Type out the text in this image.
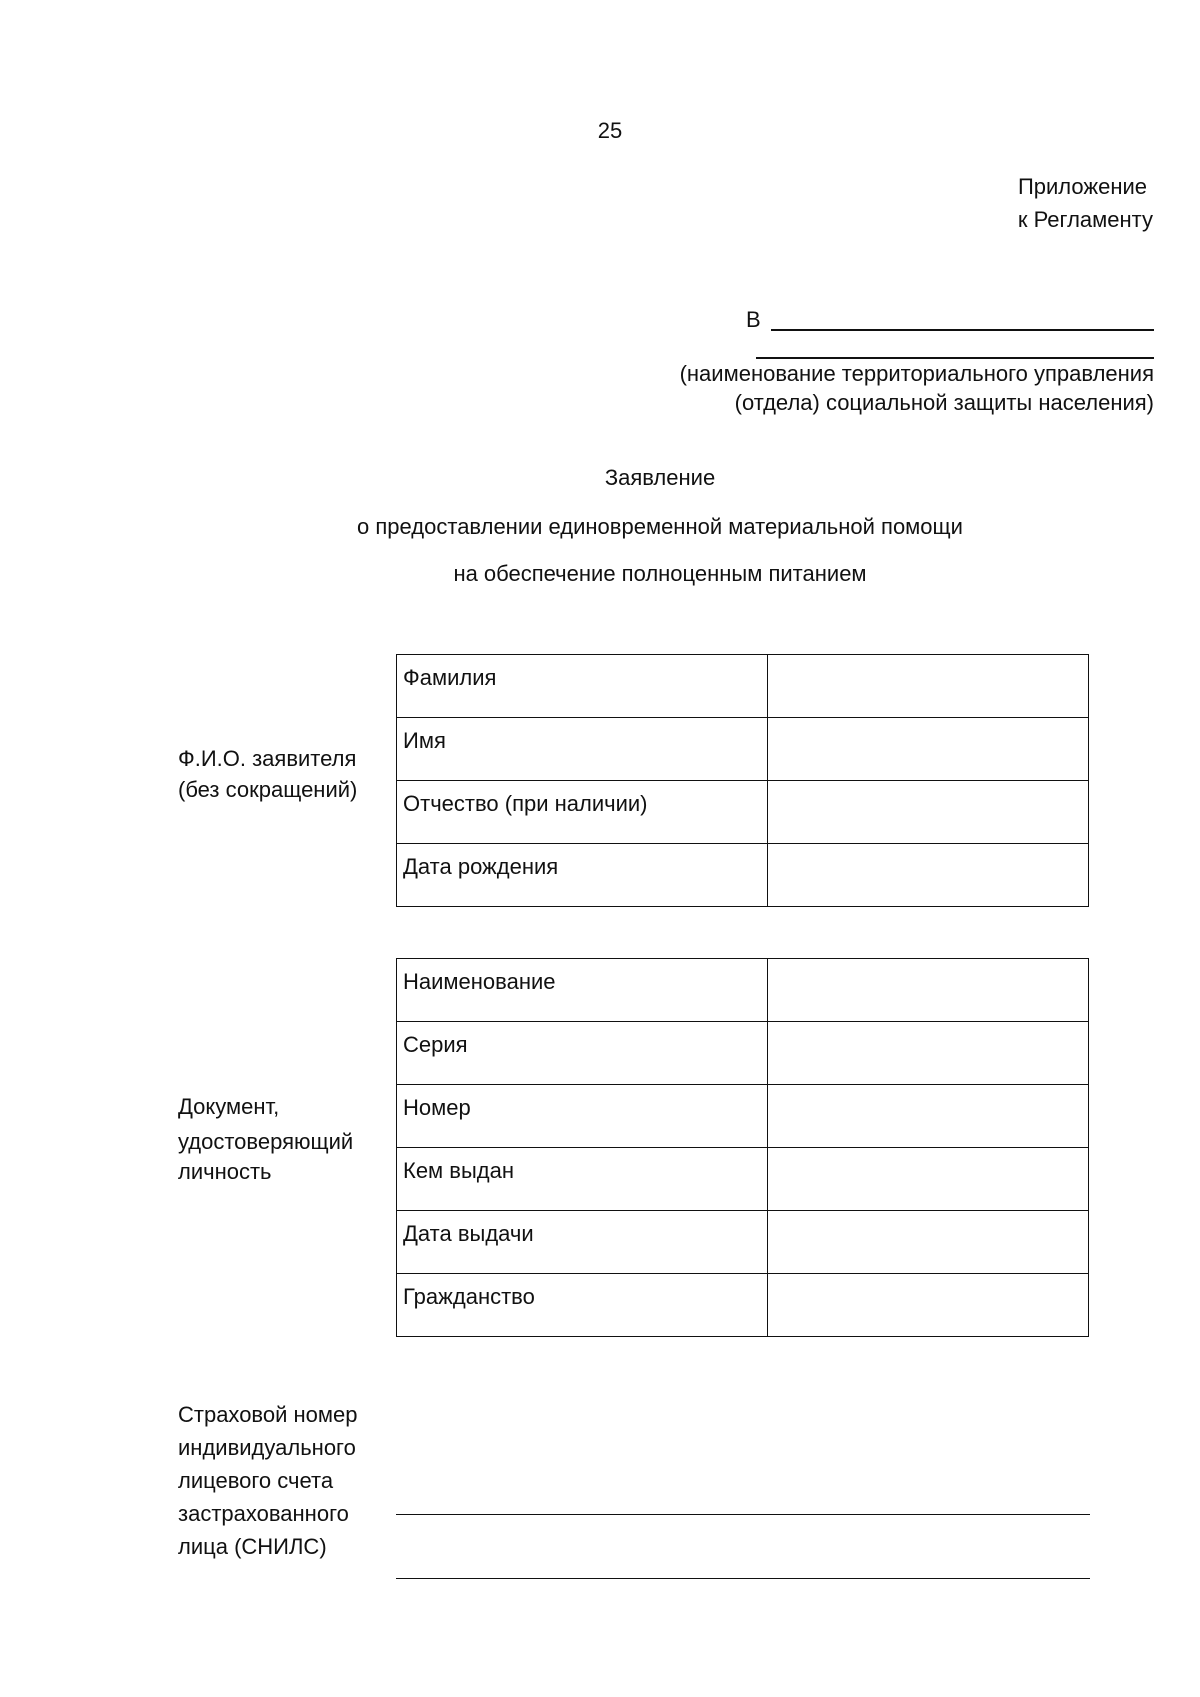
25
Приложение
к Регламенту
В
(наименование территориального управления
(отдела) социальной защиты населения)
Заявление
о предоставлении единовременной материальной помощи
на обеспечение полноценным питанием
Ф.И.О. заявителя
(без сокращений)
Фамилия	
Имя	
Отчество (при наличии)	
Дата рождения	
Документ,
удостоверяющий
личность
Наименование	
Серия	
Номер	
Кем выдан	
Дата выдачи	
Гражданство	
Страховой номер
индивидуального
лицевого счета
застрахованного
лица (СНИЛС)
